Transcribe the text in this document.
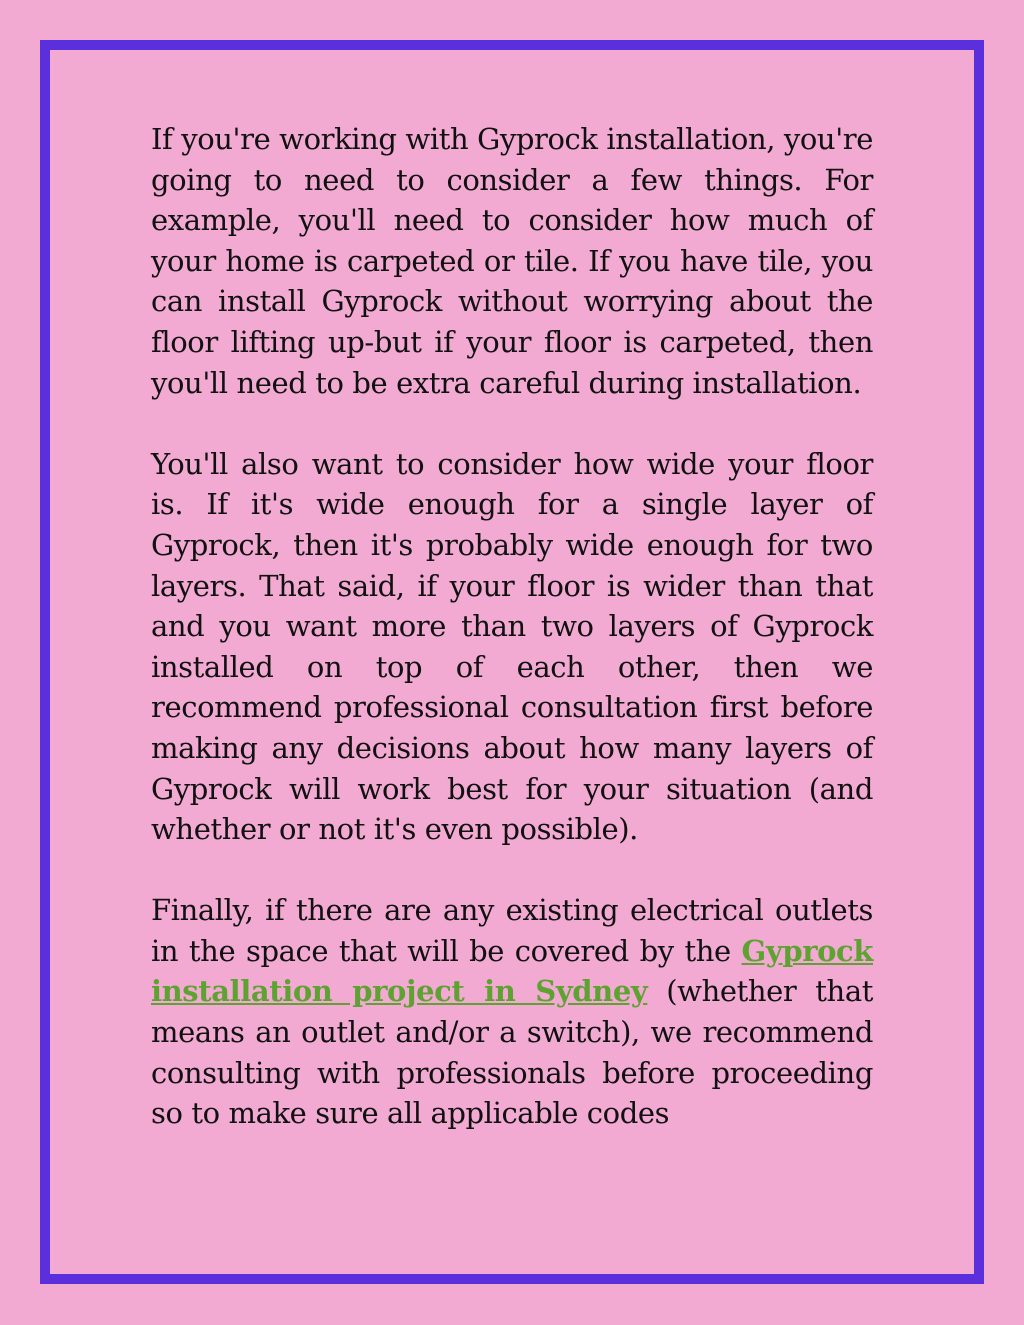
If you're working with Gyprock installation, you're going to need to consider a few things. For example, you'll need to consider how much of your home is carpeted or tile. If you have tile, you can install Gyprock without worrying about the floor lifting up-but if your floor is carpeted, then you'll need to be extra careful during installation.

You'll also want to consider how wide your floor is. If it's wide enough for a single layer of Gyprock, then it's probably wide enough for two layers. That said, if your floor is wider than that and you want more than two layers of Gyprock installed on top of each other, then we recommend professional consultation first before making any decisions about how many layers of Gyprock will work best for your situation (and whether or not it's even possible).

Finally, if there are any existing electrical outlets in the space that will be covered by the Gyprock installation project in Sydney (whether that means an outlet and/or a switch), we recommend consulting with professionals before proceeding so to make sure all applicable codes
